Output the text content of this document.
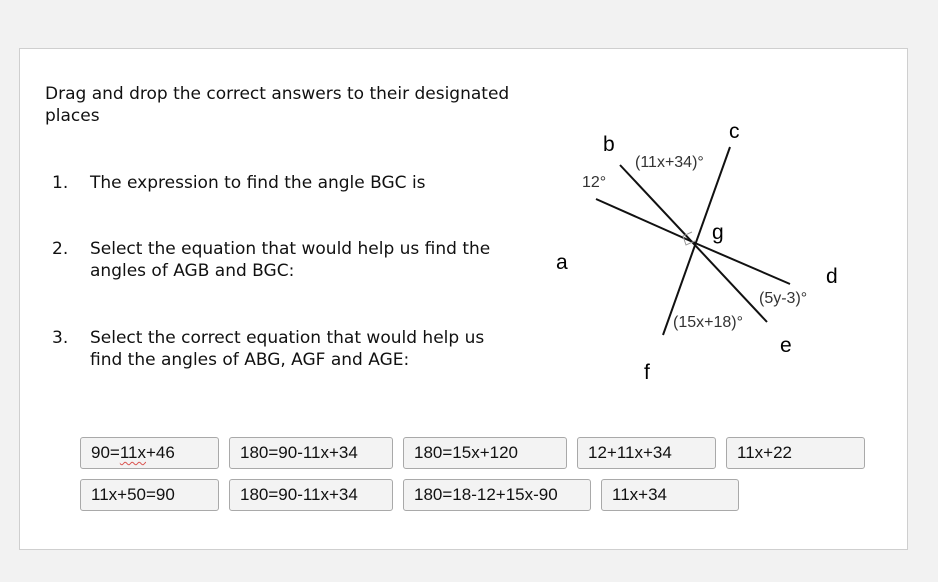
Drag and drop the correct answers to their designated places
1. The expression to find the angle BGC is
2. Select the equation that would help us find the angles of AGB and BGC:
3. Select the correct equation that would help us find the angles of ABG, AGF and AGE:
a
b
c
d
e
f
g
12°
(11x+34)°
(5y-3)°
(15x+18)°
90=11x+46	180=90-11x+34	180=15x+120	12+11x+34	11x+22
11x+50=90	180=90-11x+34	180=18-12+15x-90	11x+34
